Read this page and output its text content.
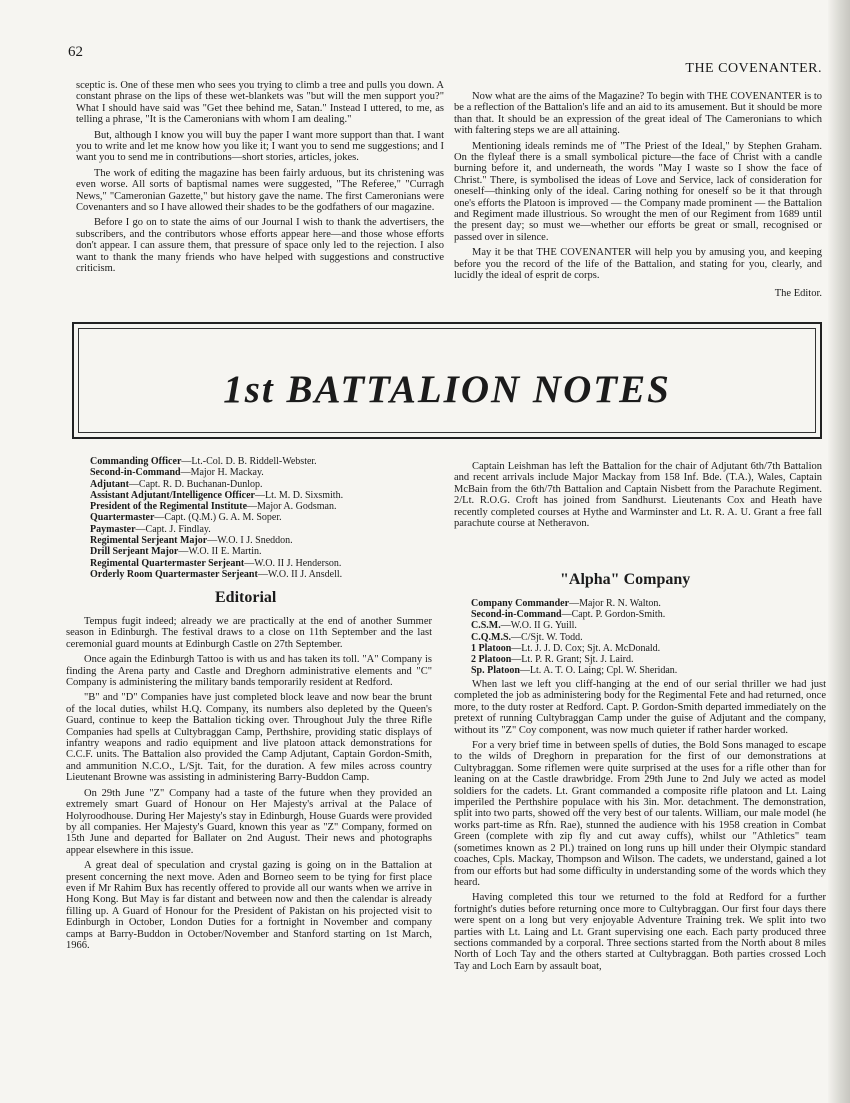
62
THE COVENANTER.

sceptic is. One of these men who sees you trying to climb a tree and pulls you down. A constant phrase on the lips of these wet-blankets was "but will the men support you?" What I should have said was "Get thee behind me, Satan." Instead I uttered, to me, as telling a phrase, "It is the Cameronians with whom I am dealing."

But, although I know you will buy the paper I want more support than that. I want you to write and let me know how you like it; I want you to send me suggestions; and I want you to send me in contributions—short stories, articles, jokes.

The work of editing the magazine has been fairly arduous, but its christening was even worse. All sorts of baptismal names were suggested, "The Referee," "Curragh News," "Cameronian Gazette," but history gave the name. The first Cameronians were Covenanters and so I have allowed their shades to be the godfathers of our magazine.

Before I go on to state the aims of our Journal I wish to thank the advertisers, the subscribers, and the contributors whose efforts appear here—and those whose efforts don't appear. I can assure them, that pressure of space only led to the rejection. I also want to thank the many friends who have helped with suggestions and constructive criticism.

Now what are the aims of the Magazine? To begin with THE COVENANTER is to be a reflection of the Battalion's life and an aid to its amusement. But it should be more than that. It should be an expression of the great ideal of The Cameronians to which with faltering steps we are all attaining.

Mentioning ideals reminds me of "The Priest of the Ideal," by Stephen Graham. On the flyleaf there is a small symbolical picture—the face of Christ with a candle burning before it, and underneath, the words "May I waste so I show the face of Christ." There, is symbolised the ideas of Love and Service, lack of consideration for oneself—thinking only of the ideal. Caring nothing for oneself so be it that through one's efforts the Platoon is improved — the Company made prominent — the Battalion and Regiment made illustrious. So wrought the men of our Regiment from 1689 until the present day; so must we—whether our efforts be great or small, recognised or passed over in silence.

May it be that THE COVENANTER will help you by amusing you, and keeping before you the record of the life of the Battalion, and stating for you, clearly, and lucidly the ideal of esprit de corps.

The Editor.
1st BATTALION NOTES
Commanding Officer—Lt.-Col. D. B. Riddell-Webster.
Second-in-Command—Major H. Mackay.
Adjutant—Capt. R. D. Buchanan-Dunlop.
Assistant Adjutant/Intelligence Officer—Lt. M. D. Sixsmith.
President of the Regimental Institute—Major A. Godsman.
Quartermaster—Capt. (Q.M.) G. A. M. Soper.
Paymaster—Capt. J. Findlay.
Regimental Serjeant Major—W.O. I J. Sneddon.
Drill Serjeant Major—W.O. II E. Martin.
Regimental Quartermaster Serjeant—W.O. II J. Henderson.
Orderly Room Quartermaster Serjeant—W.O. II J. Ansdell.

Captain Leishman has left the Battalion for the chair of Adjutant 6th/7th Battalion and recent arrivals include Major Mackay from 158 Inf. Bde. (T.A.), Wales, Captain McBain from the 6th/7th Battalion and Captain Nisbett from the Parachute Regiment. 2/Lt. R.O.G. Croft has joined from Sandhurst. Lieutenants Cox and Heath have recently completed courses at Hythe and Warminster and Lt. R. A. U. Grant a free fall parachute course at Netheravon.

Editorial

Tempus fugit indeed; already we are practically at the end of another Summer season in Edinburgh. The festival draws to a close on 11th September and the last ceremonial guard mounts at Edinburgh Castle on 27th September.

Once again the Edinburgh Tattoo is with us and has taken its toll. "A" Company is finding the Arena party and Castle and Dreghorn administrative elements and "C" Company is administering the military bands temporarily resident at Redford.

"B" and "D" Companies have just completed block leave and now bear the brunt of the local duties, whilst H.Q. Company, its numbers also depleted by the Queen's Guard, continue to keep the Battalion ticking over. Throughout July the three Rifle Companies had spells at Cultybraggan Camp, Perthshire, providing static displays of infantry weapons and radio equipment and live platoon attack demonstrations for C.C.F. units. The Battalion also provided the Camp Adjutant, Captain Gordon-Smith, and ammunition N.C.O., L/Sjt. Tait, for the duration. A few miles across country Lieutenant Browne was assisting in administering Barry-Buddon Camp.

On 29th June "Z" Company had a taste of the future when they provided an extremely smart Guard of Honour on Her Majesty's arrival at the Palace of Holyroodhouse. During Her Majesty's stay in Edinburgh, House Guards were provided by all companies. Her Majesty's Guard, known this year as "Z" Company, formed on 15th June and departed for Ballater on 2nd August. Their news and photographs appear elsewhere in this issue.

A great deal of speculation and crystal gazing is going on in the Battalion at present concerning the next move. Aden and Borneo seem to be tying for first place even if Mr Rahim Bux has recently offered to provide all our wants when we arrive in Hong Kong. But May is far distant and between now and then the calendar is already filling up. A Guard of Honour for the President of Pakistan on his projected visit to Edinburgh in October, London Duties for a fortnight in November and company camps at Barry-Buddon in October/November and Stanford starting on 1st March, 1966.

"Alpha" Company
Company Commander—Major R. N. Walton.
Second-in-Command—Capt. P. Gordon-Smith.
C.S.M.—W.O. II G. Yuill.
C.Q.M.S.—C/Sjt. W. Todd.
1 Platoon—Lt. J. J. D. Cox; Sjt. A. McDonald.
2 Platoon—Lt. P. R. Grant; Sjt. J. Laird.
Sp. Platoon—Lt. A. T. O. Laing; Cpl. W. Sheridan.

When last we left you cliff-hanging at the end of our serial thriller we had just completed the job as administering body for the Regimental Fete and had returned, once more, to the duty roster at Redford. Capt. P. Gordon-Smith departed immediately on the pretext of running Cultybraggan Camp under the guise of Adjutant and the company, without its "Z" Coy component, was now much quieter if rather harder worked.

For a very brief time in between spells of duties, the Bold Sons managed to escape to the wilds of Dreghorn in preparation for the first of our demonstrations at Cultybraggan. Some riflemen were quite surprised at the uses for a rifle other than for leaning on at the Castle drawbridge. From 29th June to 2nd July we acted as model soldiers for the cadets. Lt. Grant commanded a composite rifle platoon and Lt. Laing imperiled the Perthshire populace with his 3in. Mor. detachment. The demonstration, split into two parts, showed off the very best of our talents. William, our male model (he works part-time as Rfn. Rae), stunned the audience with his 1958 creation in Combat Green (complete with zip fly and cut away cuffs), whilst our "Athletics" team (sometimes known as 2 Pl.) trained on long runs up hill under their Olympic standard coaches, Cpls. Mackay, Thompson and Wilson. The cadets, we understand, gained a lot from our efforts but had some difficulty in understanding some of the words which they heard.

Having completed this tour we returned to the fold at Redford for a further fortnight's duties before returning once more to Cultybraggan. Our first four days there were spent on a long but very enjoyable Adventure Training trek. We split into two parties with Lt. Laing and Lt. Grant supervising one each. Each party produced three sections commanded by a corporal. Three sections started from the North about 8 miles North of Loch Tay and the others started at Cultybraggan. Both parties crossed Loch Tay and Loch Earn by assault boat,
